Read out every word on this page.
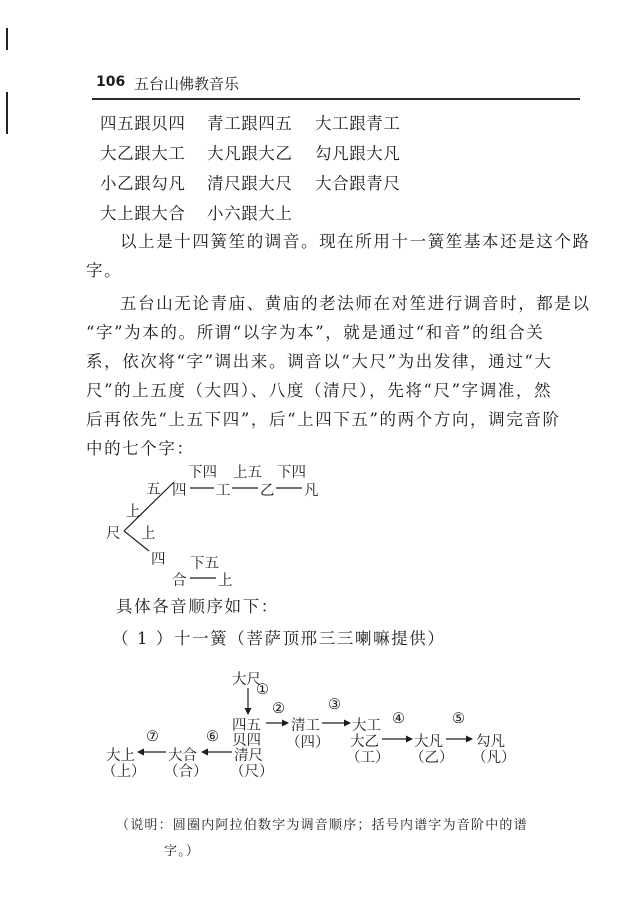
106 五台山佛教音乐
四五跟贝四 青工跟四五 大工跟青工
大乙跟大工 大凡跟大乙 勾凡跟大凡
小乙跟勾凡 清尺跟大尺 大合跟青尺
大上跟大合 小六跟大上
以上是十四簧笙的调音。现在所用十一簧笙基本还是这个路
字。
五台山无论青庙、黄庙的老法师在对笙进行调音时，都是以
“字”为本的。所谓“以字为本”，就是通过“和音”的组合关
系，依次将“字”调出来。调音以“大尺”为出发律，通过“大
尺”的上五度（大四）、八度（清尺），先将“尺”字调准，然
后再依先“上五下四”，后“上四下五”的两个方向，调完音阶
中的七个字：
尺
上
五
下四 上五 下四
四 工 乙 凡
上
四 下五
合 上
具体各音顺序如下：
（ 1 ）十一簧（菩萨顶邢三三喇嘛提供）
大尺
①
②	③
④	⑤
⑥
⑦
四五
贝四
清工
（四）
大工
大乙
（工）
大凡
（乙）
勾凡
（凡）
大上
（上）
大合
（合）
清尺
（尺）
（说明：圆圈内阿拉伯数字为调音顺序；括号内谱字为音阶中的谱
字。）
